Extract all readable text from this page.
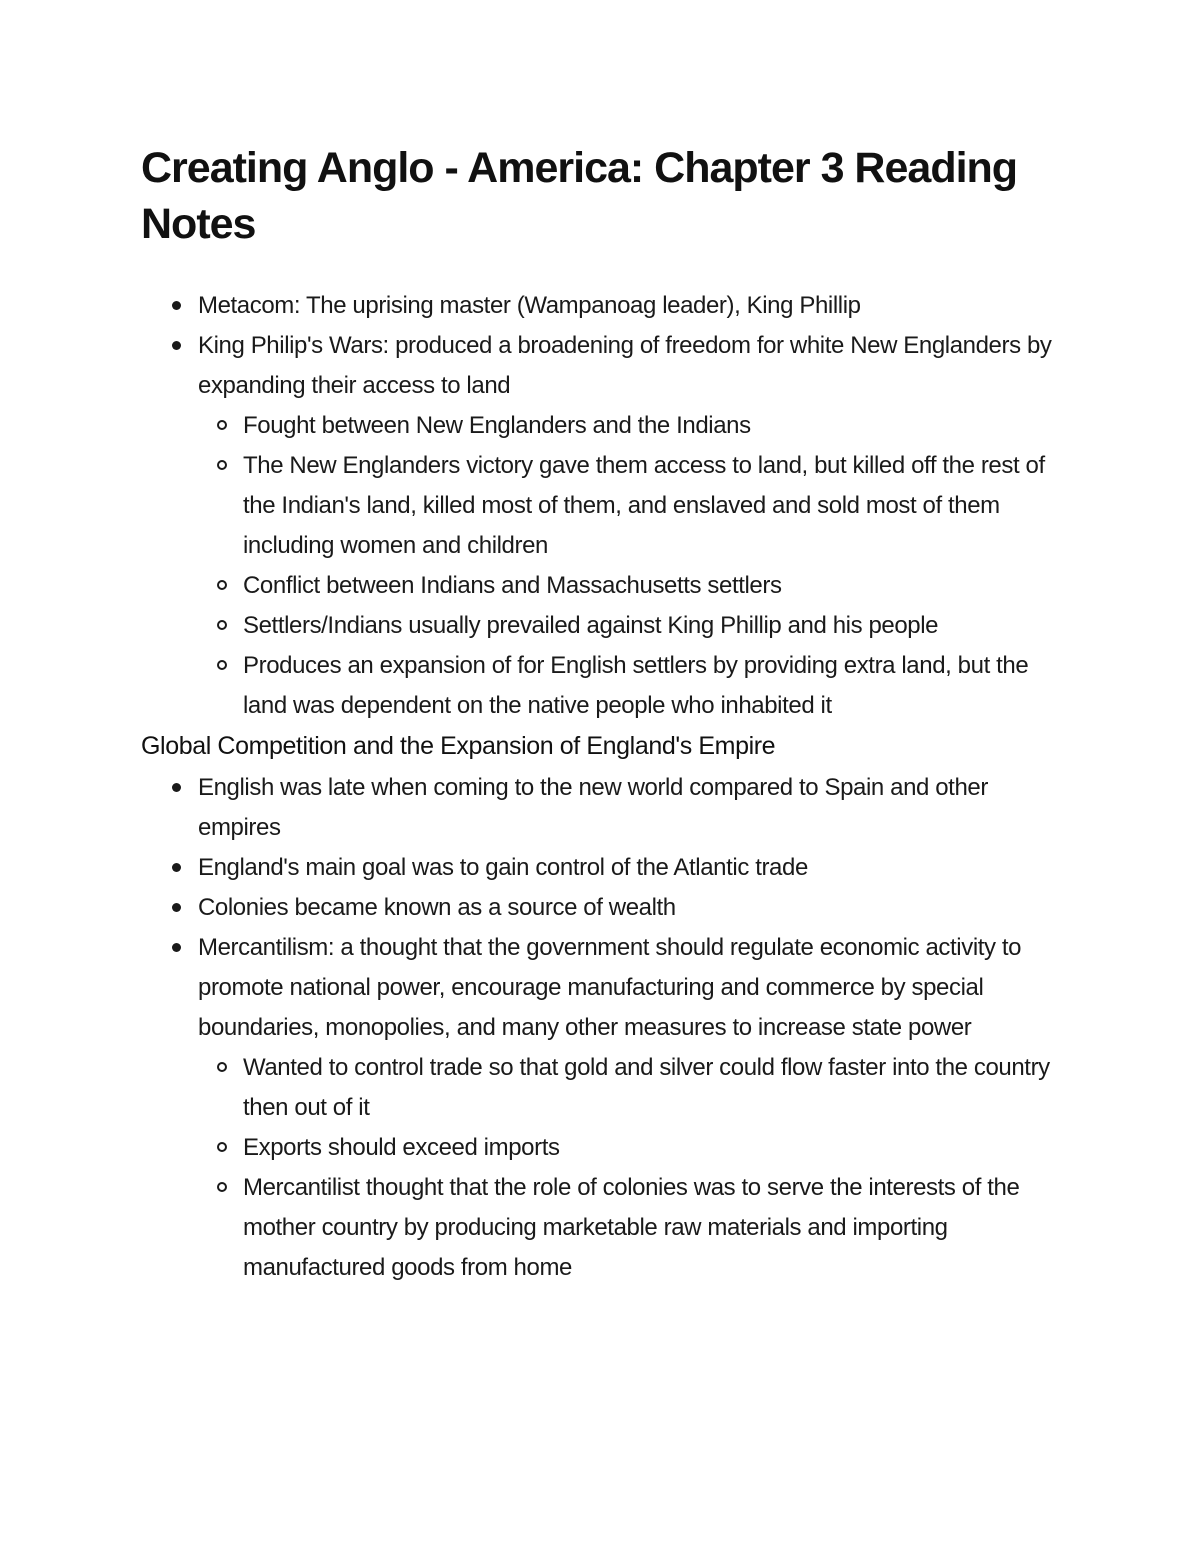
Creating Anglo - America: Chapter 3 Reading Notes
Metacom: The uprising master (Wampanoag leader), King Phillip
King Philip's Wars: produced a broadening of freedom for white New Englanders by expanding their access to land
Fought between New Englanders and the Indians
The New Englanders victory gave them access to land, but killed off the rest of the Indian's land, killed most of them, and enslaved and sold most of them including women and children
Conflict between Indians and Massachusetts settlers
Settlers/Indians usually prevailed against King Phillip and his people
Produces an expansion of for English settlers by providing extra land, but the land was dependent on the native people who inhabited it
Global Competition and the Expansion of England's Empire
English was late when coming to the new world compared to Spain and other empires
England's main goal was to gain control of the Atlantic trade
Colonies became known as a source of wealth
Mercantilism: a thought that the government should regulate economic activity to promote national power, encourage manufacturing and commerce by special boundaries, monopolies, and many other measures to increase state power
Wanted to control trade so that gold and silver could flow faster into the country then out of it
Exports should exceed imports
Mercantilist thought that the role of colonies was to serve the interests of the mother country by producing marketable raw materials and importing manufactured goods from home
